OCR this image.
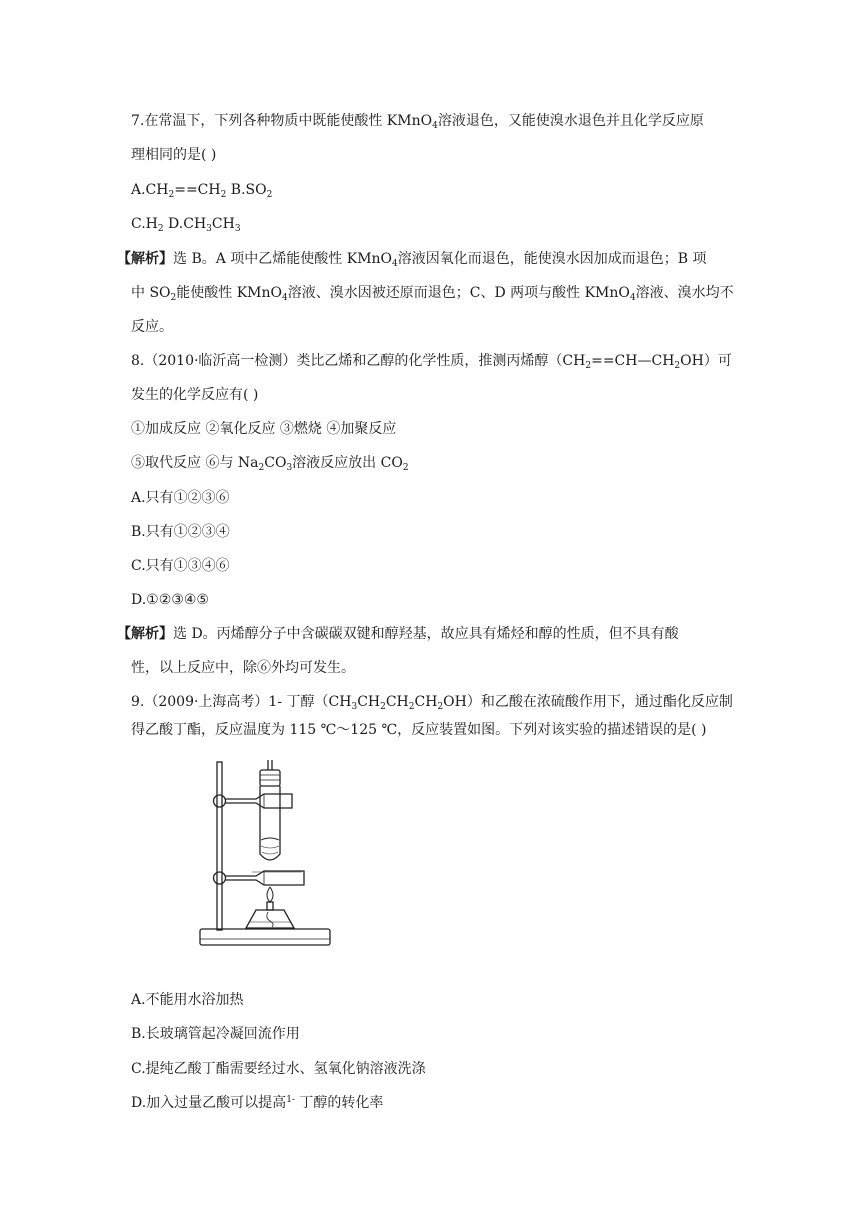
7.在常温下，下列各种物质中既能使酸性 KMnO$_4$溶液退色，又能使溴水退色并且化学反应原
理相同的是( )
$A.CH_2==CH_2$ $B.SO_2$
$C.H_2$ $D.CH_3CH_3$
【解析】选 B。A 项中乙烯能使酸性 KMnO$_4$溶液因氧化而退色，能使溴水因加成而退色；B 项
中 $SO_2$能使酸性 KMnO$_4$溶液、溴水因被还原而退色；C、D 两项与酸性 KMnO$_4$溶液、溴水均不
反应。
8.（2010·临沂高一检测）类比乙烯和乙醇的化学性质，推测丙烯醇$(CH_2==CH—CH_2OH)$可
发生的化学反应有( )
①加成反应 ②氧化反应 ③燃烧 ④加聚反应
⑤取代反应 ⑥与 $Na_2CO_3$溶液反应放出 $CO_2$
A.只有①②③⑥
B.只有①②③④
C.只有①③④⑥
D.①②③④⑤
【解析】选 D。丙烯醇分子中含碳碳双键和醇羟基，故应具有烯烃和醇的性质，但不具有酸
性，以上反应中，除⑥外均可发生。
9.（2009·上海高考）1- 丁醇$(CH_3CH_2CH_2CH_2OH)$和乙酸在浓硫酸作用下，通过酯化反应制
得乙酸丁酯，反应温度为 115 ℃～125 ℃，反应装置如图。下列对该实验的描述错误的是( )
A.不能用水浴加热
B.长玻璃管起冷凝回流作用
C.提纯乙酸丁酯需要经过水、氢氧化钠溶液洗涤
D.加入过量乙酸可以提高$^{1-}$ 丁醇的转化率
